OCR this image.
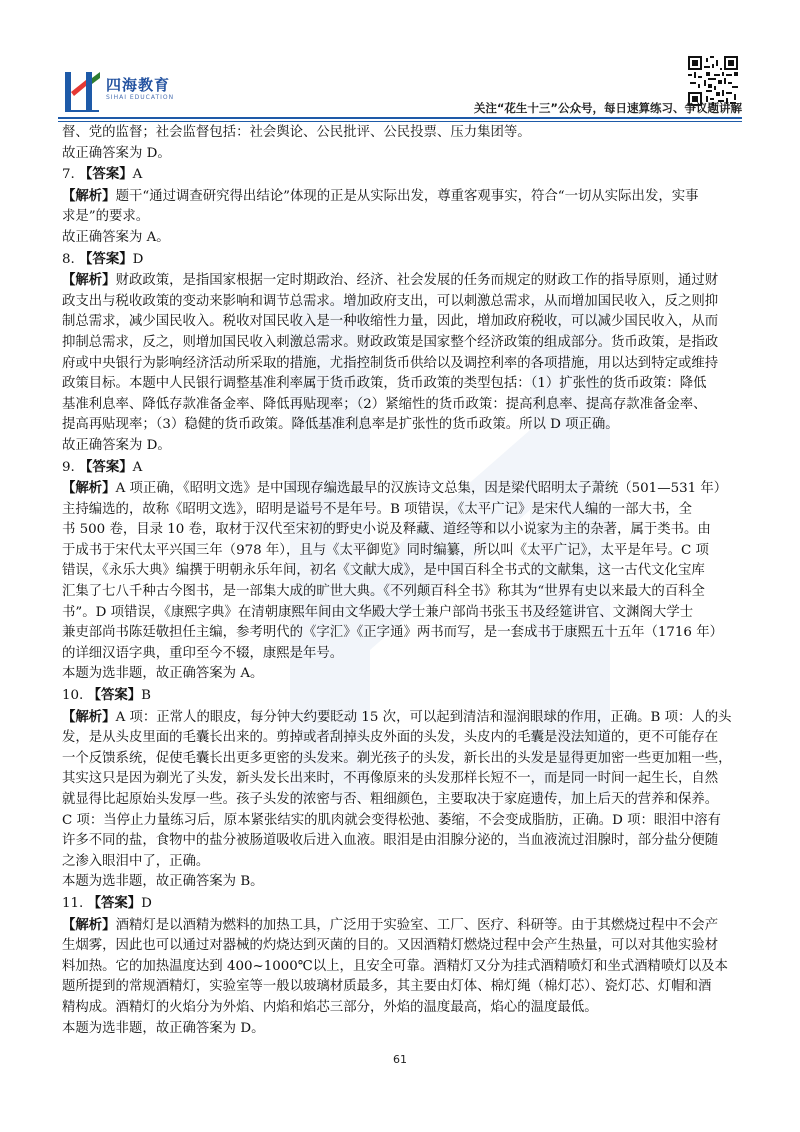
四海教育
SIHAI EDUCATION
关注“花生十三”公众号，每日速算练习、争议题讲解
督、党的监督；社会监督包括：社会舆论、公民批评、公民投票、压力集团等。
故正确答案为 D。
7. 【答案】A
【解析】题干“通过调查研究得出结论”体现的正是从实际出发，尊重客观事实，符合“一切从实际出发，实事
求是”的要求。
故正确答案为 A。
8. 【答案】D
【解析】财政政策，是指国家根据一定时期政治、经济、社会发展的任务而规定的财政工作的指导原则，通过财
政支出与税收政策的变动来影响和调节总需求。增加政府支出，可以刺激总需求，从而增加国民收入，反之则抑
制总需求，减少国民收入。税收对国民收入是一种收缩性力量，因此，增加政府税收，可以减少国民收入，从而
抑制总需求，反之，则增加国民收入刺激总需求。财政政策是国家整个经济政策的组成部分。货币政策，是指政
府或中央银行为影响经济活动所采取的措施，尤指控制货币供给以及调控利率的各项措施，用以达到特定或维持
政策目标。本题中人民银行调整基准利率属于货币政策，货币政策的类型包括：（1）扩张性的货币政策：降低
基准利息率、降低存款准备金率、降低再贴现率；（2）紧缩性的货币政策：提高利息率、提高存款准备金率、
提高再贴现率；（3）稳健的货币政策。降低基准利息率是扩张性的货币政策。所以 D 项正确。
故正确答案为 D。
9. 【答案】A
【解析】A 项正确，《昭明文选》是中国现存编选最早的汉族诗文总集，因是梁代昭明太子萧统（501—531 年）
主持编选的，故称《昭明文选》，昭明是谥号不是年号。B 项错误，《太平广记》是宋代人编的一部大书，全
书 500 卷，目录 10 卷，取材于汉代至宋初的野史小说及释藏、道经等和以小说家为主的杂著，属于类书。由
于成书于宋代太平兴国三年（978 年），且与《太平御览》同时编纂，所以叫《太平广记》，太平是年号。C 项
错误，《永乐大典》编撰于明朝永乐年间，初名《文献大成》，是中国百科全书式的文献集，这一古代文化宝库
汇集了七八千种古今图书，是一部集大成的旷世大典。《不列颠百科全书》称其为“世界有史以来最大的百科全
书”。D 项错误，《康熙字典》在清朝康熙年间由文华殿大学士兼户部尚书张玉书及经筵讲官、文渊阁大学士
兼吏部尚书陈廷敬担任主编，参考明代的《字汇》《正字通》两书而写，是一套成书于康熙五十五年（1716 年）
的详细汉语字典，重印至今不辍，康熙是年号。
本题为选非题，故正确答案为 A。
10. 【答案】B
【解析】A 项：正常人的眼皮，每分钟大约要眨动 15 次，可以起到清洁和湿润眼球的作用，正确。B 项：人的头
发，是从头皮里面的毛囊长出来的。剪掉或者刮掉头皮外面的头发，头皮内的毛囊是没法知道的，更不可能存在
一个反馈系统，促使毛囊长出更多更密的头发来。剃光孩子的头发，新长出的头发是显得更加密一些更加粗一些，
其实这只是因为剃光了头发，新头发长出来时，不再像原来的头发那样长短不一，而是同一时间一起生长，自然
就显得比起原始头发厚一些。孩子头发的浓密与否、粗细颜色，主要取决于家庭遗传，加上后天的营养和保养。
C 项：当停止力量练习后，原本紧张结实的肌肉就会变得松弛、萎缩，不会变成脂肪，正确。D 项：眼泪中溶有
许多不同的盐，食物中的盐分被肠道吸收后进入血液。眼泪是由泪腺分泌的，当血液流过泪腺时，部分盐分便随
之渗入眼泪中了，正确。
本题为选非题，故正确答案为 B。
11. 【答案】D
【解析】酒精灯是以酒精为燃料的加热工具，广泛用于实验室、工厂、医疗、科研等。由于其燃烧过程中不会产
生烟雾，因此也可以通过对器械的灼烧达到灭菌的目的。又因酒精灯燃烧过程中会产生热量，可以对其他实验材
料加热。它的加热温度达到 400~1000℃以上，且安全可靠。酒精灯又分为挂式酒精喷灯和坐式酒精喷灯以及本
题所提到的常规酒精灯，实验室等一般以玻璃材质最多，其主要由灯体、棉灯绳（棉灯芯）、瓷灯芯、灯帽和酒
精构成。酒精灯的火焰分为外焰、内焰和焰芯三部分，外焰的温度最高，焰心的温度最低。
本题为选非题，故正确答案为 D。
61
